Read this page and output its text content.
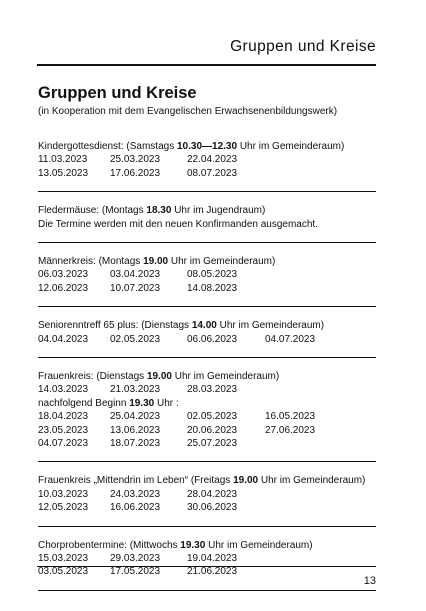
Gruppen und Kreise
Gruppen und Kreise
(in Kooperation mit dem Evangelischen Erwachsenenbildungswerk)
Kindergottesdienst: (Samstags 10.30—12.30 Uhr im Gemeinderaum)
11.03.2023 25.03.2023	22.04.2023
13.05.2023 17.06.2023	08.07.2023
Fledermäuse: (Montags 18.30 Uhr im Jugendraum)
Die Termine werden mit den neuen Konfirmanden ausgemacht.
Männerkreis: (Montags 19.00 Uhr im Gemeinderaum)
06.03.2023 03.04.2023	08.05.2023
12.06.2023 10.07.2023	14.08.2023
Seniorenntreff 65 plus: (Dienstags 14.00 Uhr im Gemeinderaum)
04.04.2023 02.05.2023	06.06.2023	04.07.2023
Frauenkreis: (Dienstags 19.00 Uhr im Gemeinderaum)
14.03.2023 21.03.2023	28.03.2023
nachfolgend Beginn 19.30 Uhr :
18.04.2023 25.04.2023	02.05.2023	16.05.2023
23.05.2023 13.06.2023	20.06.2023	27.06.2023
04.07.2023 18.07.2023	25.07.2023
Frauenkreis „Mittendrin im Leben“ (Freitags 19.00 Uhr im Gemeinderaum)
10.03.2023 24.03.2023	28.04.2023
12.05.2023 16.06.2023	30.06.2023
Chorprobentermine: (Mittwochs 19.30 Uhr im Gemeinderaum)
15.03.2023 29.03.2023	19.04.2023
03.05.2023 17.05.2023	21.06.2023
13
